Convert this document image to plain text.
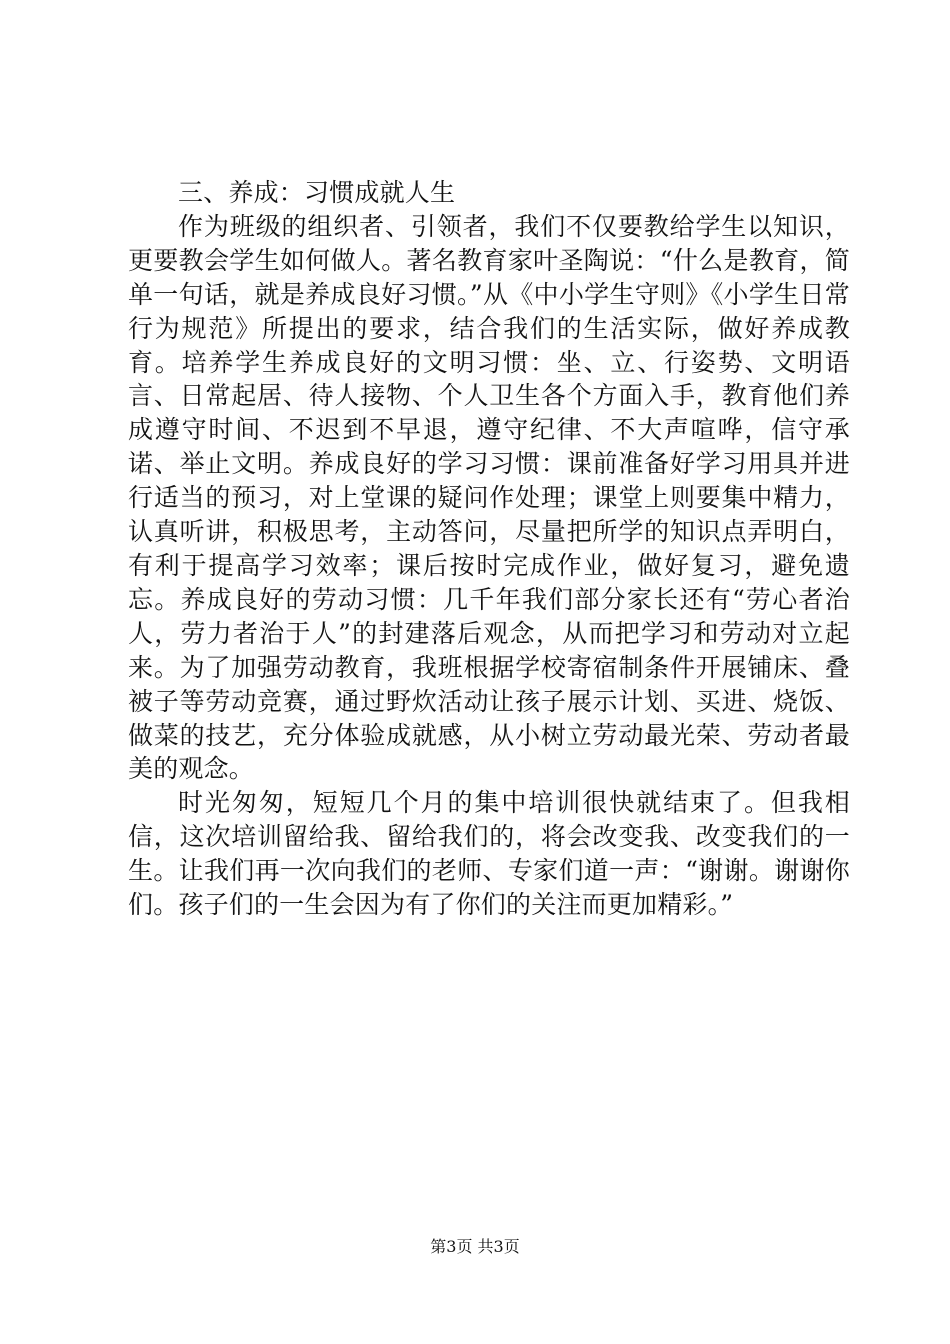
三、养成：习惯成就人生

作为班级的组织者、引领者，我们不仅要教给学生以知识，更要教会学生如何做人。著名教育家叶圣陶说：“什么是教育，简单一句话，就是养成良好习惯。”从《中小学生守则》《小学生日常行为规范》所提出的要求，结合我们的生活实际，做好养成教育。培养学生养成良好的文明习惯：坐、立、行姿势、文明语言、日常起居、待人接物、个人卫生各个方面入手，教育他们养成遵守时间、不迟到不早退，遵守纪律、不大声喧哗，信守承诺、举止文明。养成良好的学习习惯：课前准备好学习用具并进行适当的预习，对上堂课的疑问作处理；课堂上则要集中精力，认真听讲，积极思考，主动答问，尽量把所学的知识点弄明白，有利于提高学习效率；课后按时完成作业，做好复习，避免遗忘。养成良好的劳动习惯：几千年我们部分家长还有“劳心者治人，劳力者治于人”的封建落后观念，从而把学习和劳动对立起来。为了加强劳动教育，我班根据学校寄宿制条件开展铺床、叠被子等劳动竞赛，通过野炊活动让孩子展示计划、买进、烧饭、做菜的技艺，充分体验成就感，从小树立劳动最光荣、劳动者最美的观念。

时光匆匆，短短几个月的集中培训很快就结束了。但我相信，这次培训留给我、留给我们的，将会改变我、改变我们的一生。让我们再一次向我们的老师、专家们道一声：“谢谢。谢谢你们。孩子们的一生会因为有了你们的关注而更加精彩。”

第3页 共3页
